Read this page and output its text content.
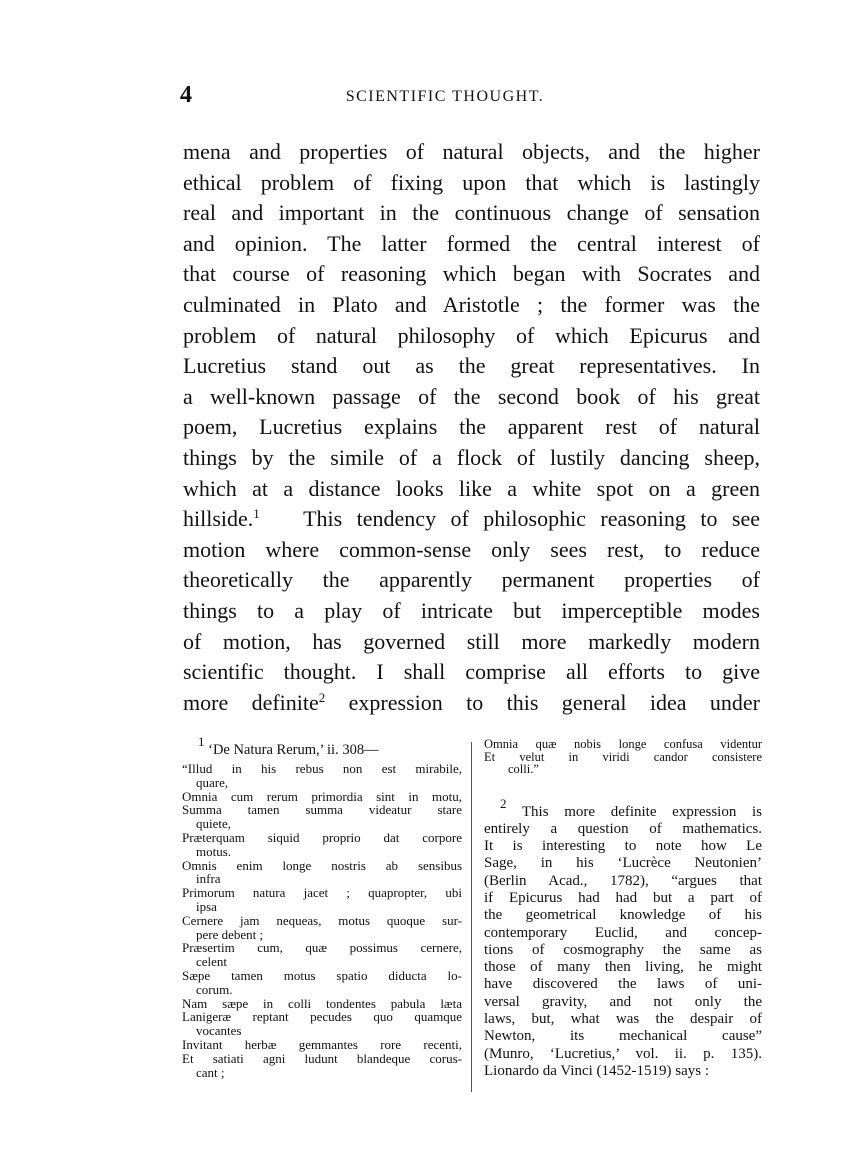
4	SCIENTIFIC THOUGHT.
mena and properties of natural objects, and the higher
ethical problem of fixing upon that which is lastingly
real and important in the continuous change of sensation
and opinion. The latter formed the central interest of
that course of reasoning which began with Socrates and
culminated in Plato and Aristotle ; the former was the
problem of natural philosophy of which Epicurus and
Lucretius stand out as the great representatives. In
a well-known passage of the second book of his great
poem, Lucretius explains the apparent rest of natural
things by the simile of a flock of lustily dancing sheep,
which at a distance looks like a white spot on a green
hillside.$^1$ This tendency of philosophic reasoning to see
motion where common-sense only sees rest, to reduce
theoretically the apparently permanent properties of
things to a play of intricate but imperceptible modes
of motion, has governed still more markedly modern
scientific thought. I shall comprise all efforts to give
more definite$^2$ expression to this general idea under
$^1$ ‘De Natura Rerum,’ ii. 308—
“Illud in his rebus non est mirabile,
quare,
Omnia cum rerum primordia sint in motu,
Summa tamen summa videatur stare
quiete,
Præterquam siquid proprio dat corpore
motus.
Omnis enim longe nostris ab sensibus
infra
Primorum natura jacet ; quapropter, ubi
ipsa
Cernere jam nequeas, motus quoque sur-
pere debent ;
Præsertim cum, quæ possimus cernere,
celent
Sæpe tamen motus spatio diducta lo-
corum.
Nam sæpe in colli tondentes pabula læta
Lanigeræ reptant pecudes quo quamque
vocantes
Invitant herbæ gemmantes rore recenti,
Et satiati agni ludunt blandeque corus-
cant ;
Omnia quæ nobis longe confusa videntur
Et velut in viridi candor consistere
colli.”
$^2$ This more definite expression is
entirely a question of mathematics.
It is interesting to note how Le
Sage, in his ‘Lucrèce Neutonien’
(Berlin Acad., 1782), “argues that
if Epicurus had had but a part of
the geometrical knowledge of his
contemporary Euclid, and concep-
tions of cosmography the same as
those of many then living, he might
have discovered the laws of uni-
versal gravity, and not only the
laws, but, what was the despair of
Newton, its mechanical cause”
(Munro, ‘Lucretius,’ vol. ii. p. 135).
Lionardo da Vinci (1452-1519) says :
